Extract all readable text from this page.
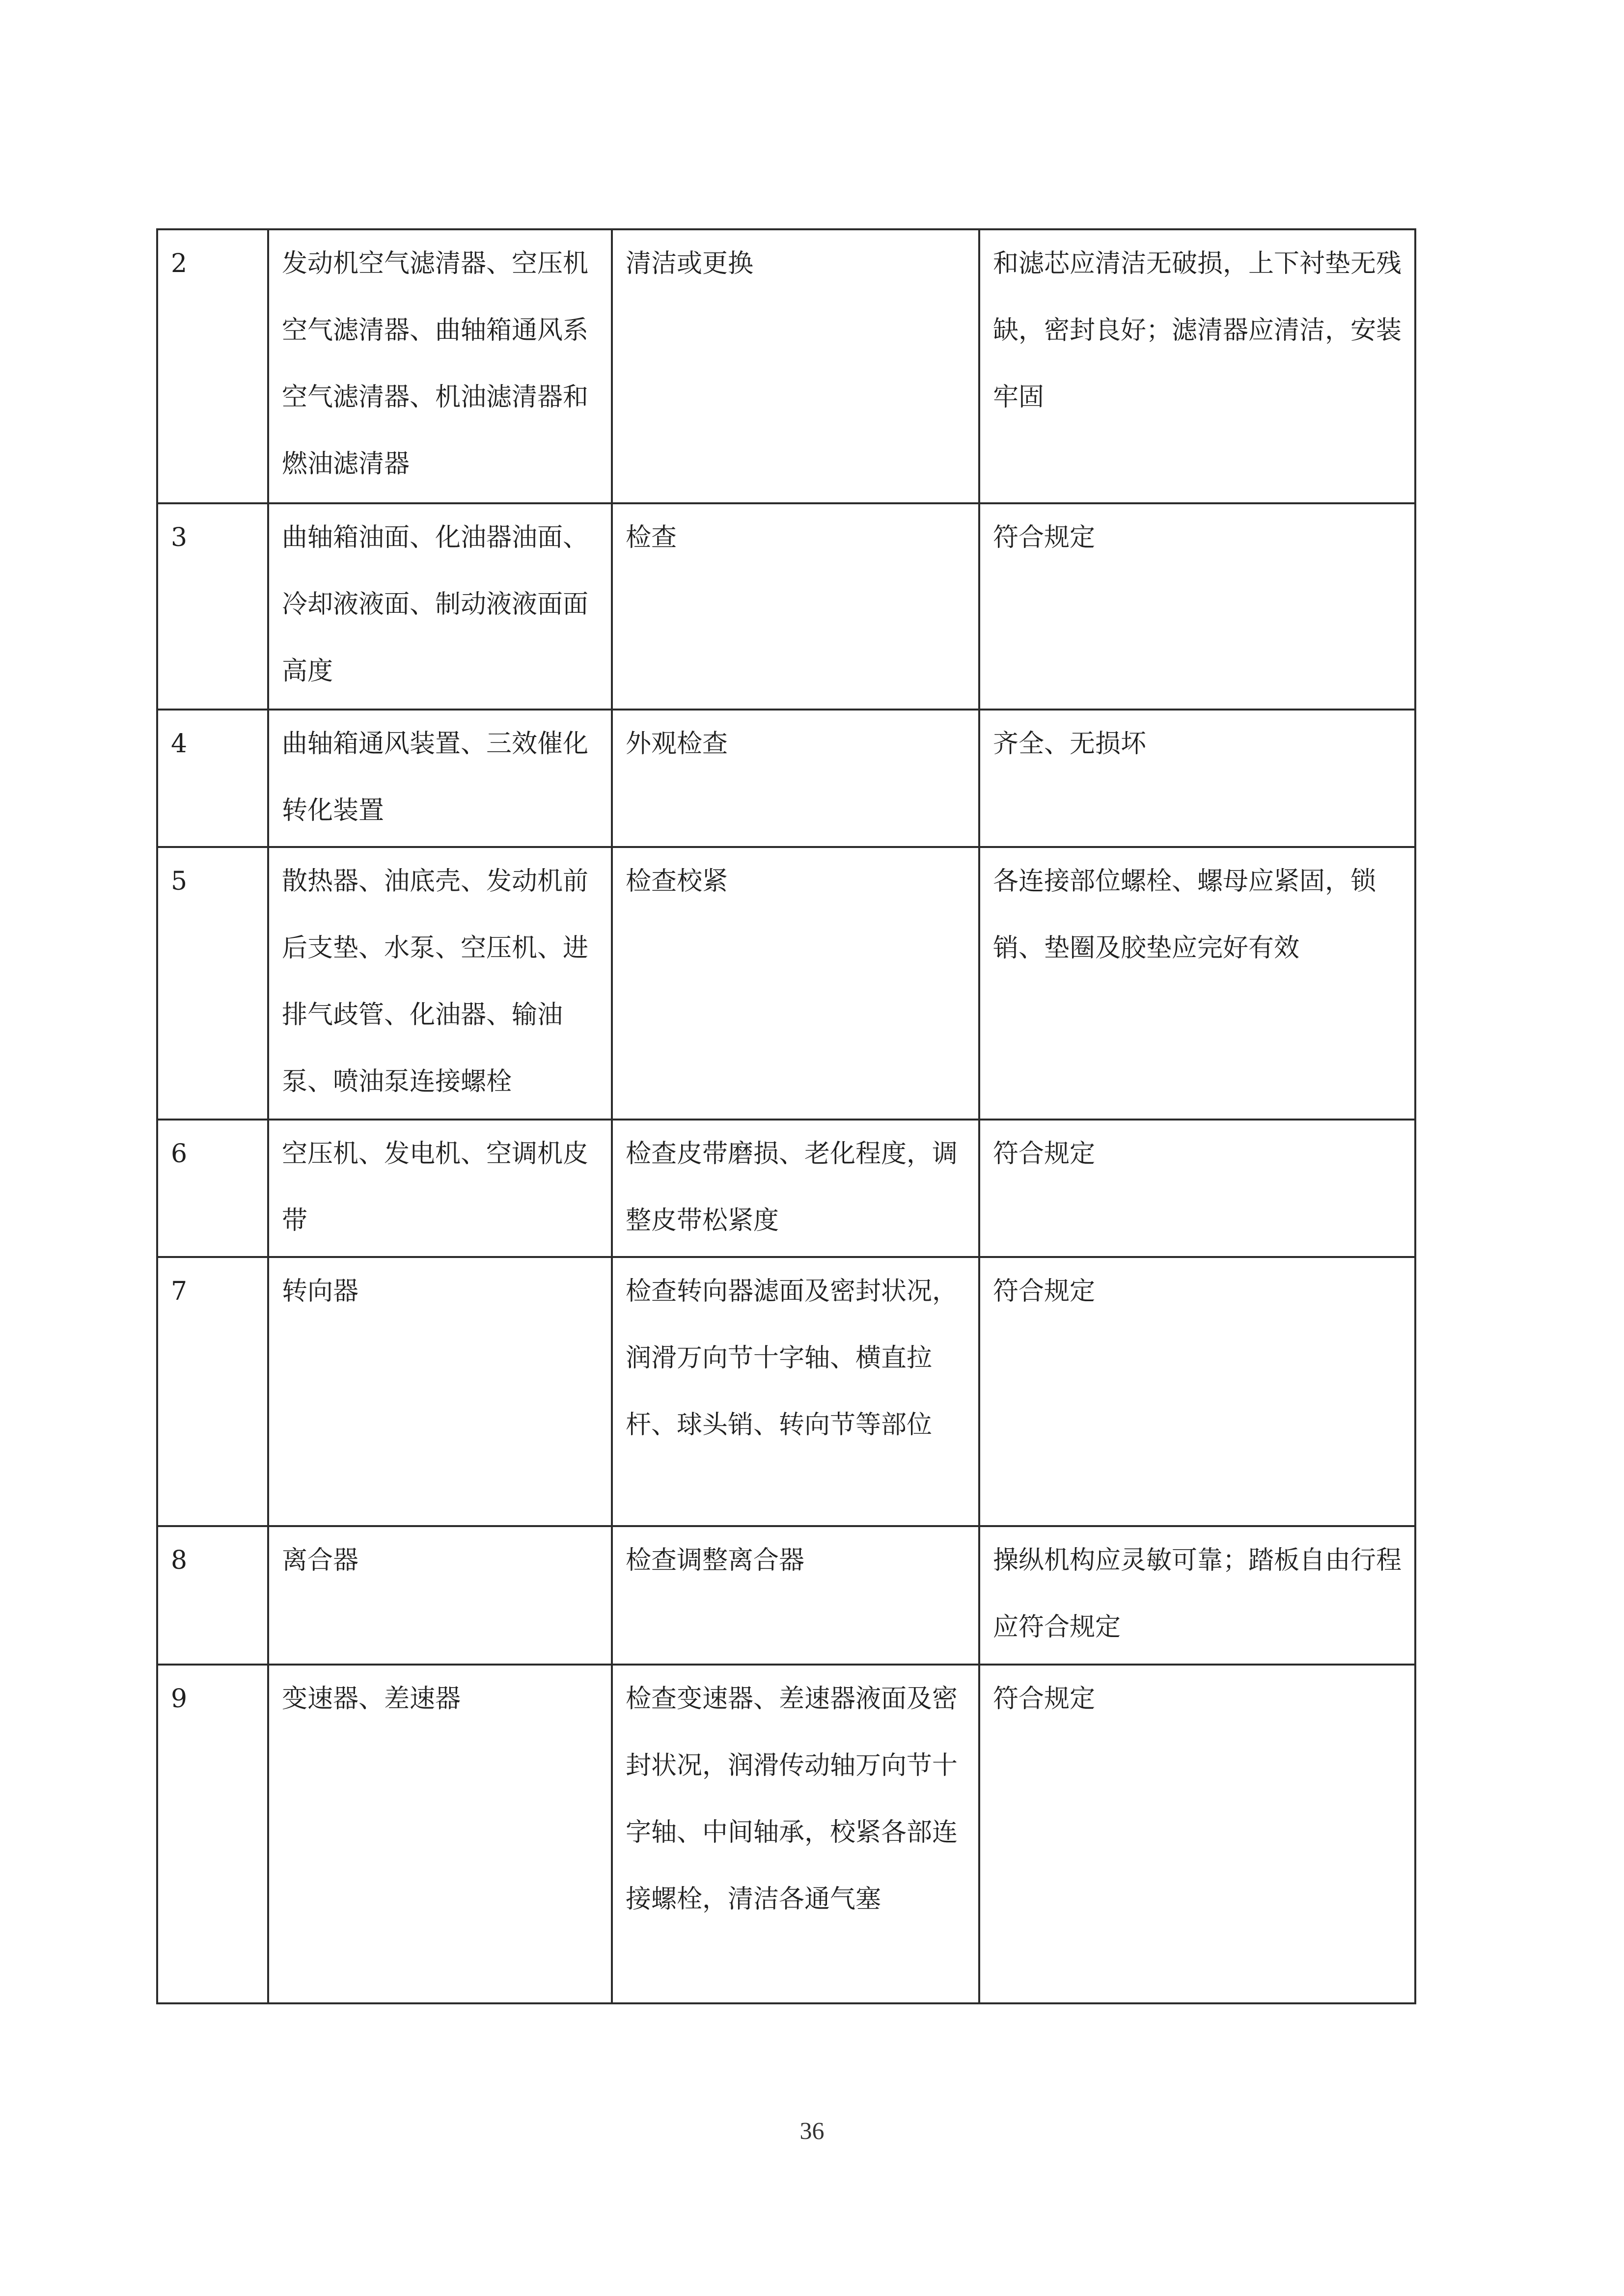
2	发动机空气滤清器、空压机空气滤清器、曲轴箱通风系空气滤清器、机油滤清器和燃油滤清器	清洁或更换	和滤芯应清洁无破损，上下衬垫无残缺，密封良好；滤清器应清洁，安装牢固
3	曲轴箱油面、化油器油面、冷却液液面、制动液液面面高度	检查	符合规定
4	曲轴箱通风装置、三效催化转化装置	外观检查	齐全、无损坏
5	散热器、油底壳、发动机前后支垫、水泵、空压机、进排气歧管、化油器、输油泵、喷油泵连接螺栓	检查校紧	各连接部位螺栓、螺母应紧固，锁销、垫圈及胶垫应完好有效
6	空压机、发电机、空调机皮带	检查皮带磨损、老化程度，调整皮带松紧度	符合规定
7	转向器	检查转向器滤面及密封状况，润滑万向节十字轴、横直拉杆、球头销、转向节等部位	符合规定
8	离合器	检查调整离合器	操纵机构应灵敏可靠；踏板自由行程应符合规定
9	变速器、差速器	检查变速器、差速器液面及密封状况，润滑传动轴万向节十字轴、中间轴承，校紧各部连接螺栓，清洁各通气塞	符合规定
36
